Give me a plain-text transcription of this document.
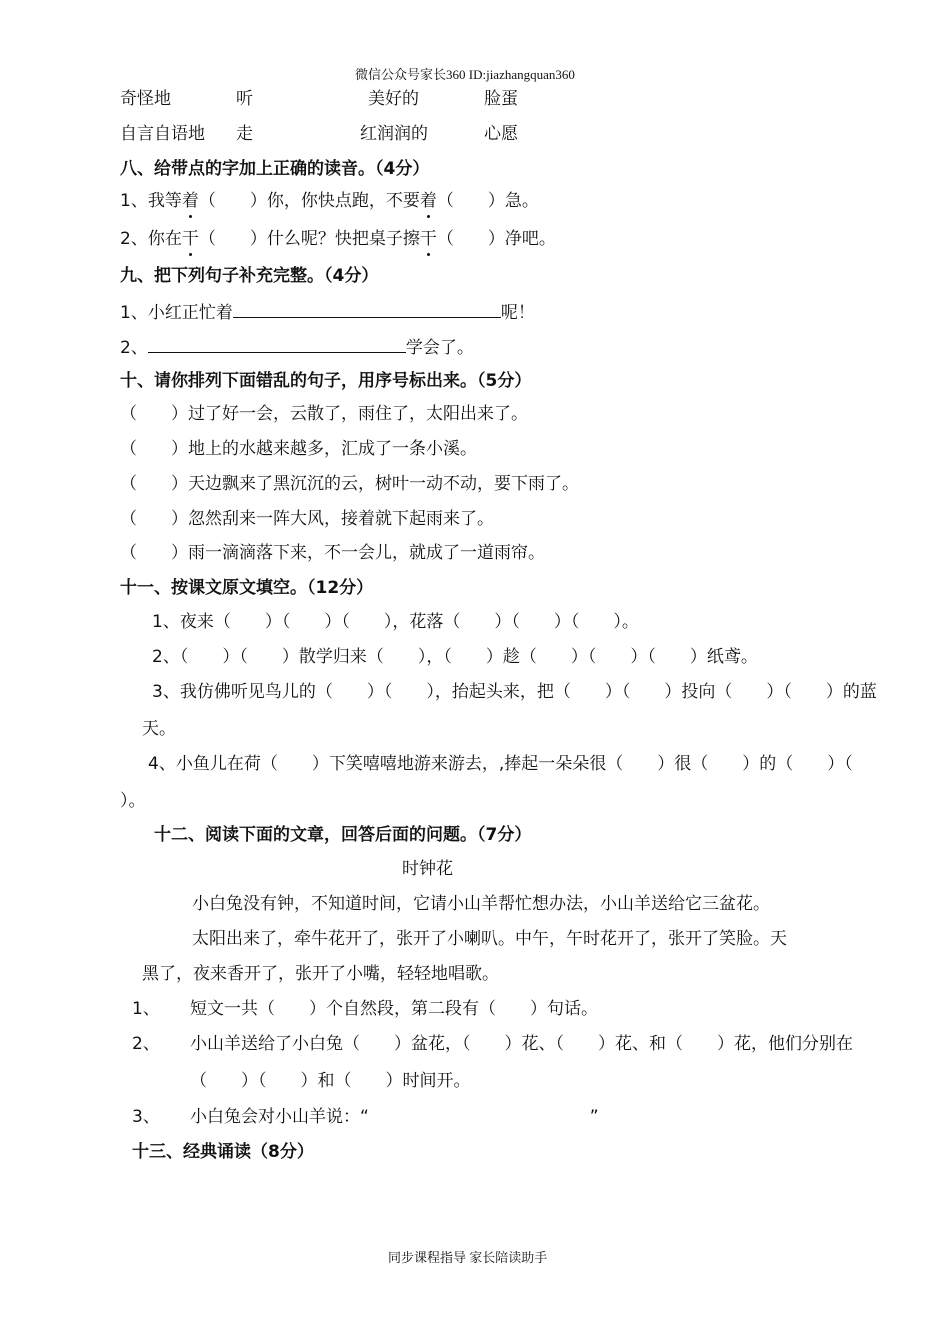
微信公众号家长360 ID:jiazhangquan360
奇怪地	听	美好的	脸蛋
自言自语地 走	红润润的	心愿
八、给带点的字加上正确的读音。（4分）
1、我等着（　　）你，你快点跑，不要着（　　）急。
2、你在干（　　）什么呢？快把桌子擦干（　　）净吧。
九、把下列句子补充完整。（4分）
1、小红正忙着	呢！
2、	学会了。
十、请你排列下面错乱的句子，用序号标出来。（5分）
（　　）过了好一会，云散了，雨住了，太阳出来了。
（　　）地上的水越来越多，汇成了一条小溪。
（　　）天边飘来了黑沉沉的云，树叶一动不动，要下雨了。
（　　）忽然刮来一阵大风，接着就下起雨来了。
（　　）雨一滴滴落下来，不一会儿，就成了一道雨帘。
十一、按课文原文填空。（12分）
1、夜来（　　）（　　）（　　），花落（　　）（　　）（　　）。
2、（　　）（　　）散学归来（　　），（　　）趁（　　）（　　）（　　）纸鸢。
3、我仿佛听见鸟儿的（　　）（　　），抬起头来，把（　　）（　　）投向（　　）（　　）的蓝
天。
4、小鱼儿在荷（　　）下笑嘻嘻地游来游去，,捧起一朵朵很（　　）很（　　）的（　　）（
）。
十二、阅读下面的文章，回答后面的问题。（7分）
时钟花
小白兔没有钟，不知道时间，它请小山羊帮忙想办法，小山羊送给它三盆花。
太阳出来了，牵牛花开了，张开了小喇叭。中午，午时花开了，张开了笑脸。天
黑了，夜来香开了，张开了小嘴，轻轻地唱歌。
1、 短文一共（　　）个自然段，第二段有（　　）句话。
2、 小山羊送给了小白兔（　　）盆花，（　　）花、（　　）花、和（　　）花，他们分别在
（　　）（　　）和（　　）时间开。
3、 小白兔会对小山羊说：“　　　　　　　　　　　　　”
十三、经典诵读（8分）
同步课程指导 家长陪读助手
